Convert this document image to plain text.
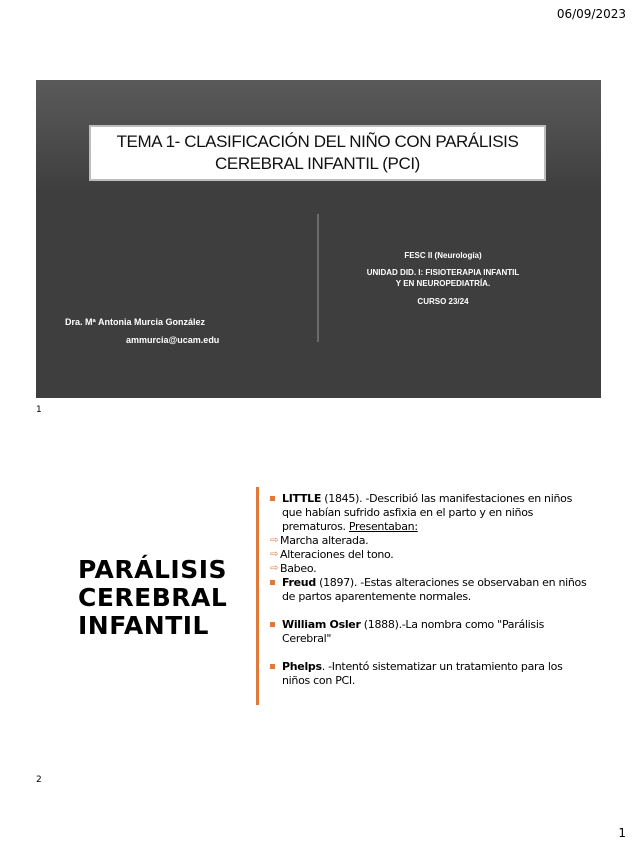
06/09/2023
TEMA 1- CLASIFICACIÓN DEL NIÑO CON PARÁLISIS
CEREBRAL INFANTIL (PCI)
FESC II (Neurología)
UNIDAD DID. I: FISIOTERAPIA INFANTIL
Y EN NEUROPEDIATRÍA.
CURSO 23/24
Dra. Mª Antonia Murcia González
ammurcia@ucam.edu
1
PARÁLISIS
CEREBRAL
INFANTIL
LITTLE (1845). -Describió las manifestaciones en niños que habían sufrido asfixia en el parto y en niños prematuros. Presentaban:
⇨ Marcha alterada.
⇨ Alteraciones del tono.
⇨ Babeo.
Freud (1897). -Estas alteraciones se observaban en niños de partos aparentemente normales.
William Osler (1888).-La nombra como "Parálisis Cerebral"
Phelps. -Intentó sistematizar un tratamiento para los niños con PCI.
2
1
